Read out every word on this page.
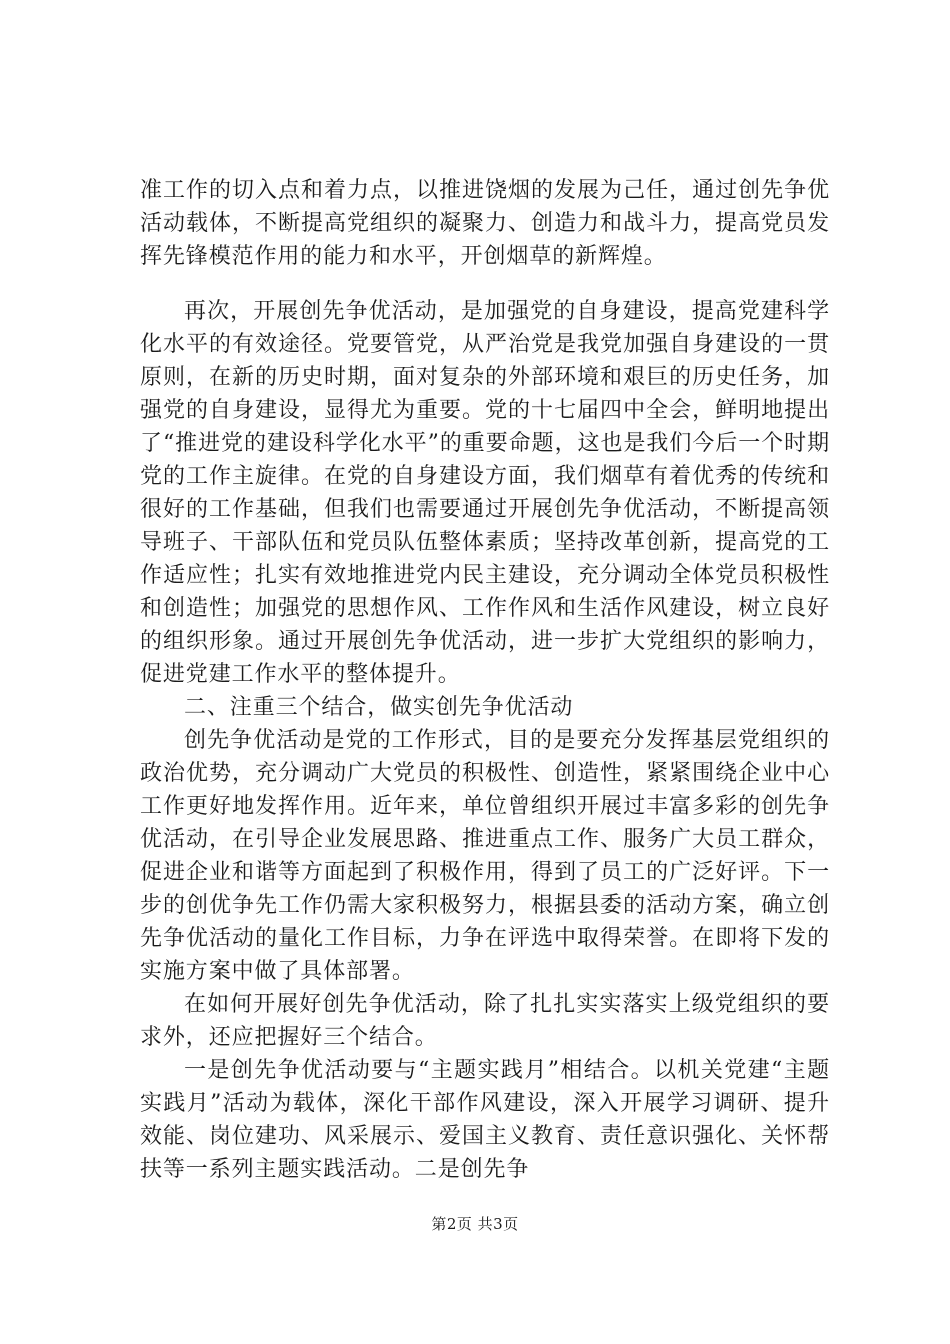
准工作的切入点和着力点，以推进饶烟的发展为己任，通过创先争优活动载体，不断提高党组织的凝聚力、创造力和战斗力，提高党员发挥先锋模范作用的能力和水平，开创烟草的新辉煌。

再次，开展创先争优活动，是加强党的自身建设，提高党建科学化水平的有效途径。党要管党，从严治党是我党加强自身建设的一贯原则，在新的历史时期，面对复杂的外部环境和艰巨的历史任务，加强党的自身建设，显得尤为重要。党的十七届四中全会，鲜明地提出了“推进党的建设科学化水平”的重要命题，这也是我们今后一个时期党的工作主旋律。在党的自身建设方面，我们烟草有着优秀的传统和很好的工作基础，但我们也需要通过开展创先争优活动，不断提高领导班子、干部队伍和党员队伍整体素质；坚持改革创新，提高党的工作适应性；扎实有效地推进党内民主建设，充分调动全体党员积极性和创造性；加强党的思想作风、工作作风和生活作风建设，树立良好的组织形象。通过开展创先争优活动，进一步扩大党组织的影响力，促进党建工作水平的整体提升。

二、注重三个结合，做实创先争优活动

创先争优活动是党的工作形式，目的是要充分发挥基层党组织的政治优势，充分调动广大党员的积极性、创造性，紧紧围绕企业中心工作更好地发挥作用。近年来，单位曾组织开展过丰富多彩的创先争优活动，在引导企业发展思路、推进重点工作、服务广大员工群众，促进企业和谐等方面起到了积极作用，得到了员工的广泛好评。下一步的创优争先工作仍需大家积极努力，根据县委的活动方案，确立创先争优活动的量化工作目标，力争在评选中取得荣誉。在即将下发的实施方案中做了具体部署。

在如何开展好创先争优活动，除了扎扎实实落实上级党组织的要求外，还应把握好三个结合。

一是创先争优活动要与“主题实践月”相结合。以机关党建“主题实践月”活动为载体，深化干部作风建设，深入开展学习调研、提升效能、岗位建功、风采展示、爱国主义教育、责任意识强化、关怀帮扶等一系列主题实践活动。二是创先争

第2页 共3页
